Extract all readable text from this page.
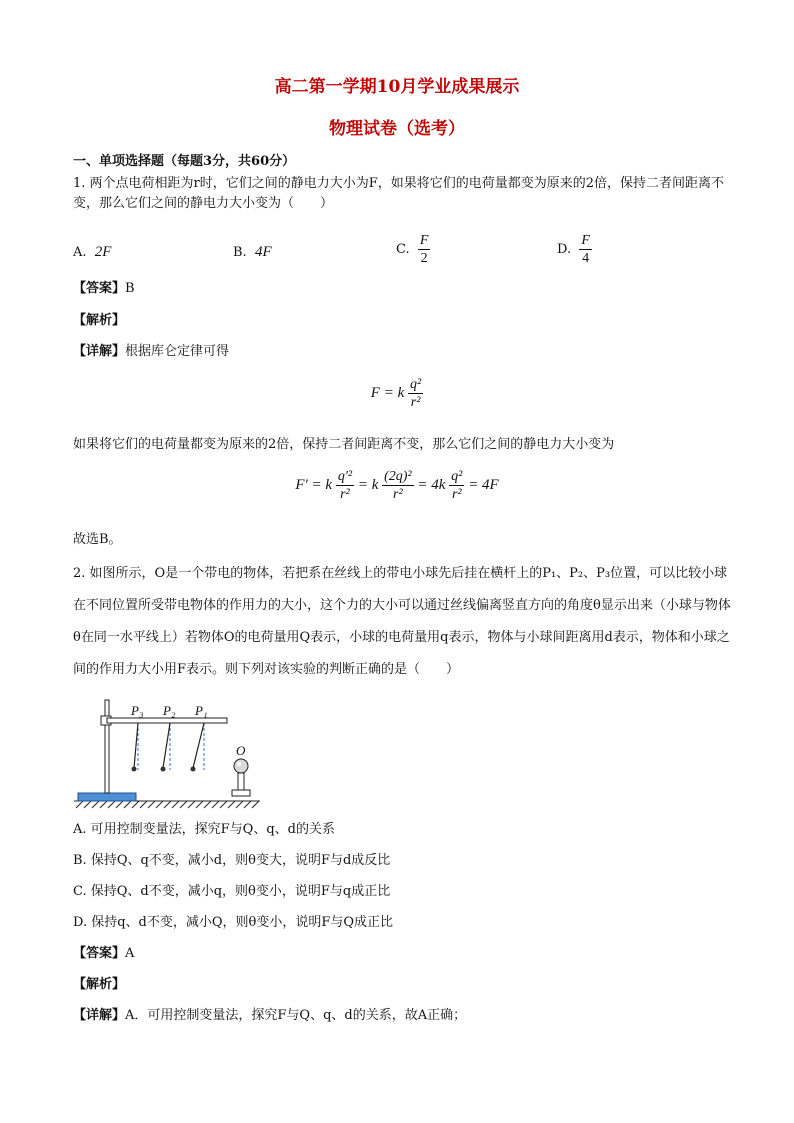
高二第一学期10月学业成果展示
物理试卷（选考）
一、单项选择题（每题3分，共60分）
1. 两个点电荷相距为r时，它们之间的静电力大小为F，如果将它们的电荷量都变为原来的2倍，保持二者间距离不变，那么它们之间的静电力大小变为（　　）
A. 2F	B. 4F	C. $\frac{F}{2}$	D. $\frac{F}{4}$
【答案】B
【解析】
【详解】根据库仑定律可得
F = k $\frac{\text{q²}}{\text{r²}}$
如果将它们的电荷量都变为原来的2倍，保持二者间距离不变，那么它们之间的静电力大小变为
F′ = k $\frac{\text{q′²}}{\text{r²}} = k \frac{\text{(2q)²}}{\text{r²}} = 4k \frac{\text{q²}}{\text{r²}} = 4F$
故选B。
2. 如图所示，O是一个带电的物体，若把系在丝线上的带电小球先后挂在横杆上的P₁、P₂、P₃位置，可以比较小球在不同位置所受带电物体的作用力的大小，这个力的大小可以通过丝线偏离竖直方向的角度θ显示出来（小球与物体θ在同一水平线上）若物体O的电荷量用Q表示，小球的电荷量用q表示，物体与小球间距离用d表示，物体和小球之间的作用力大小用F表示。则下列对该实验的判断正确的是（　　）
P₃ P₂ P₁
O
A. 可用控制变量法，探究F与Q、q、d的关系
B. 保持Q、q不变，减小d，则θ变大，说明F与d成反比
C. 保持Q、d不变，减小q，则θ变小，说明F与q成正比
D. 保持q、d不变，减小Q，则θ变小，说明F与Q成正比
【答案】A
【解析】
【详解】A．可用控制变量法，探究F与Q、q、d的关系，故A正确；
